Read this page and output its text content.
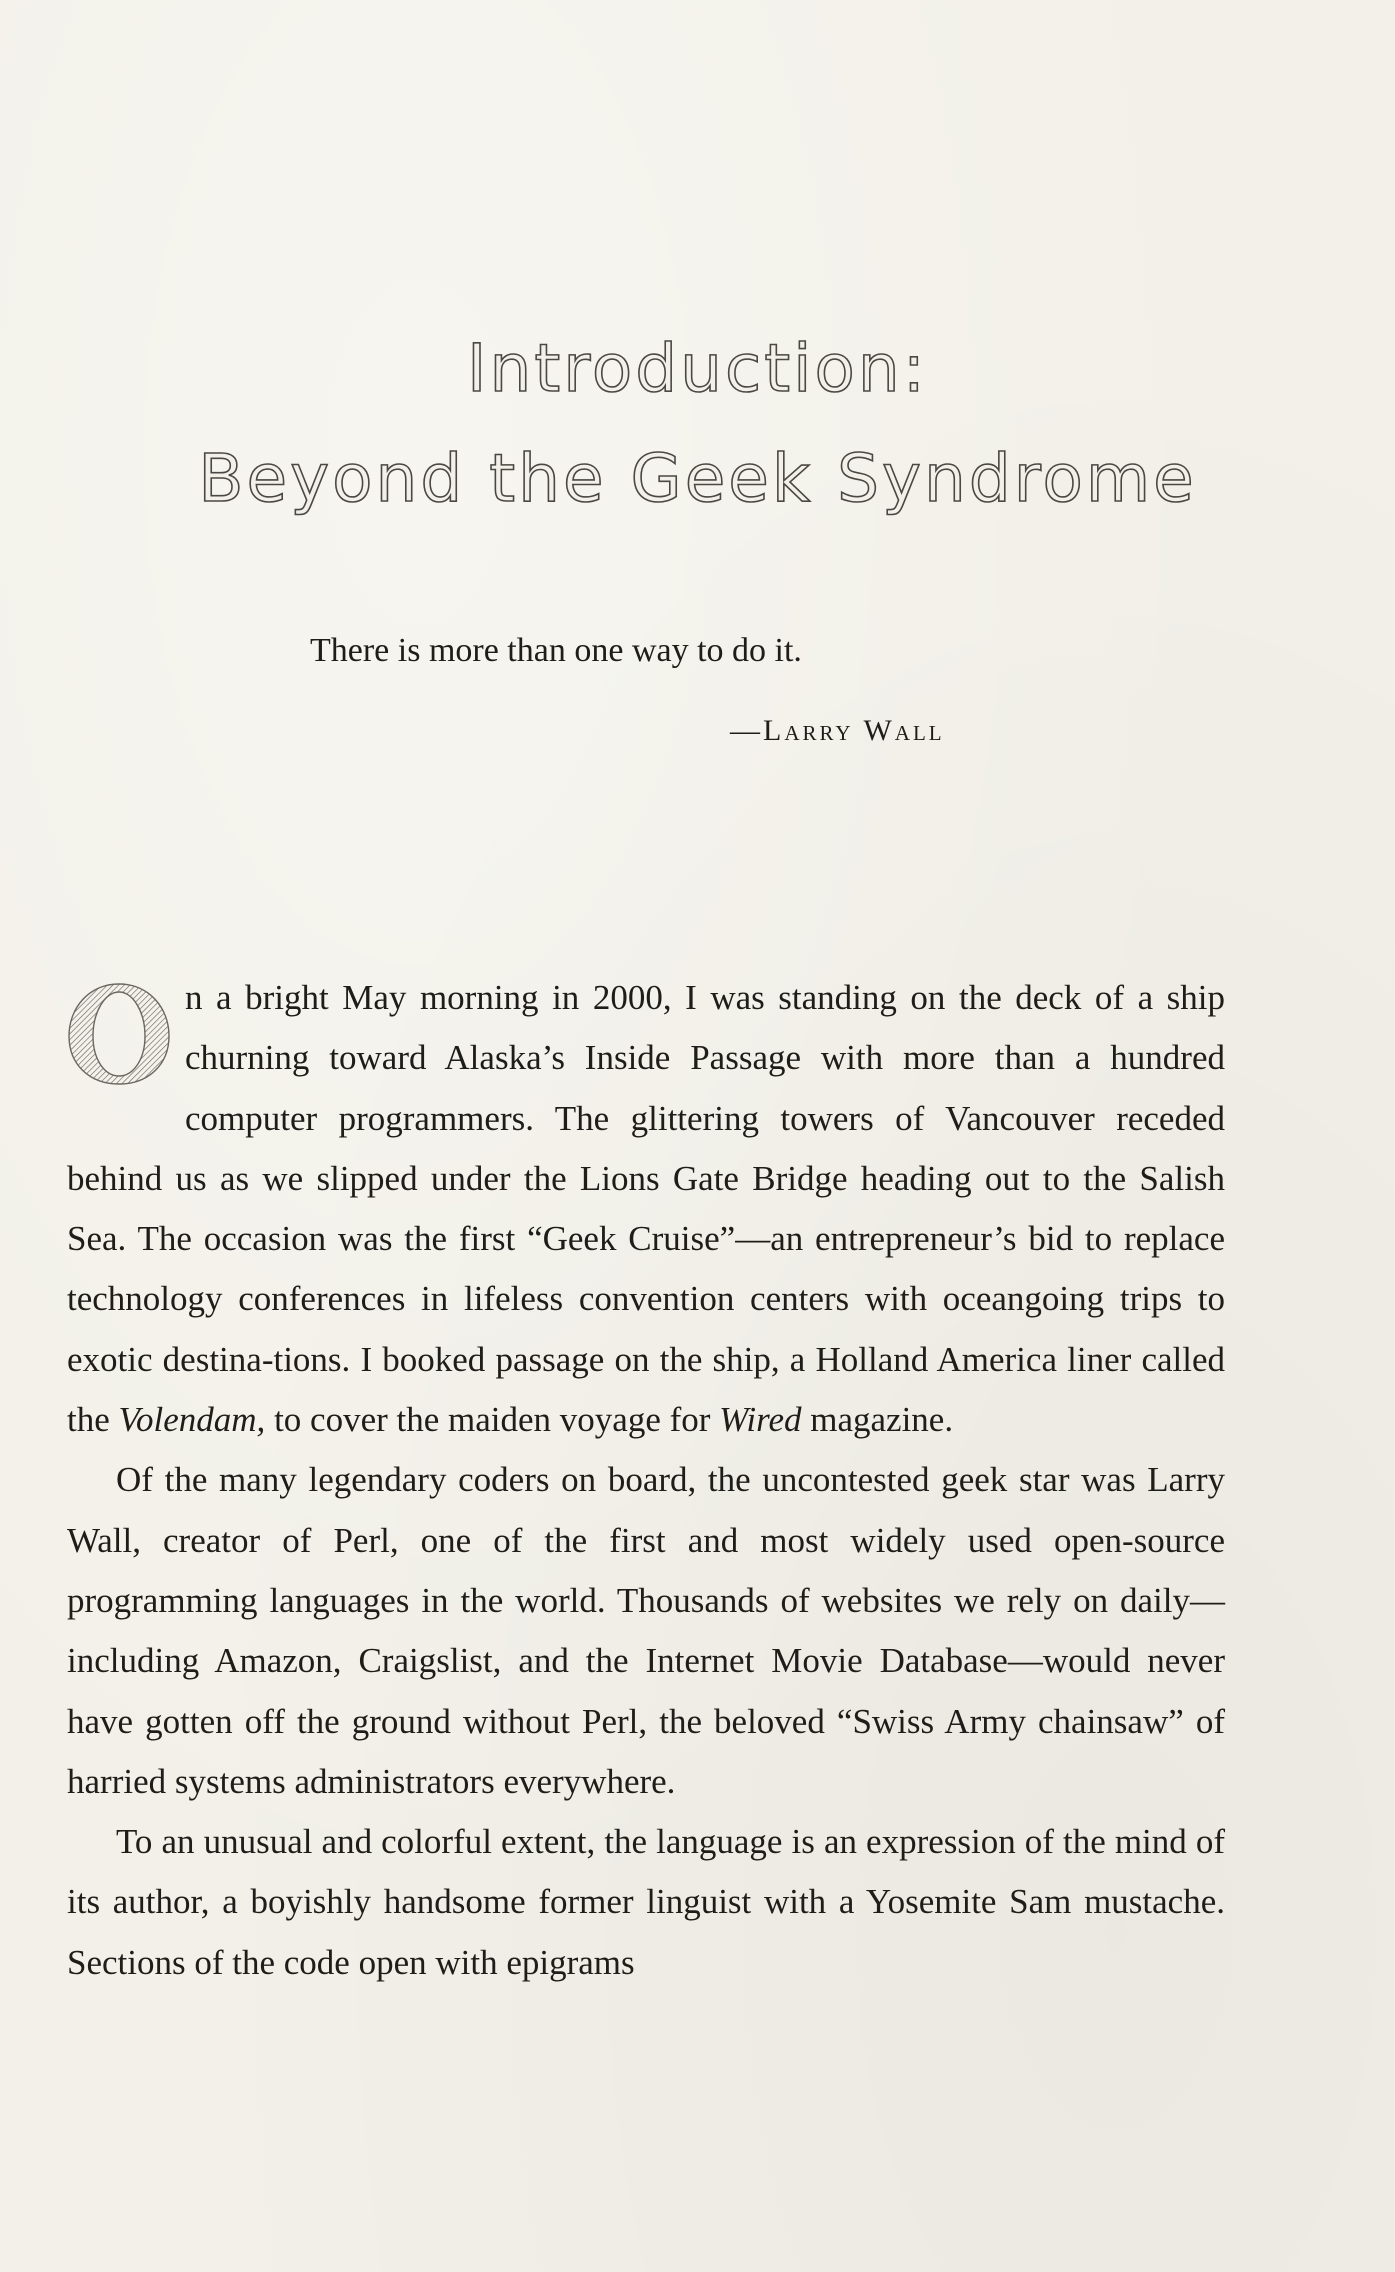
Introduction:
Beyond the Geek Syndrome
There is more than one way to do it.
—Larry Wall

n a bright May morning in 2000, I was standing on the deck of a ship churning toward Alaska’s Inside Passage with more than a hundred computer programmers. The glittering towers of Vancouver receded behind us as we slipped under the Lions Gate Bridge heading out to the Salish Sea. The occasion was the first “Geek Cruise”—an entrepreneur’s bid to replace technology conferences in lifeless convention centers with oceangoing trips to exotic destina-tions. I booked passage on the ship, a Holland America liner called the Volendam, to cover the maiden voyage for Wired magazine.

Of the many legendary coders on board, the uncontested geek star was Larry Wall, creator of Perl, one of the first and most widely used open-source programming languages in the world. Thousands of websites we rely on daily—including Amazon, Craigslist, and the Internet Movie Database—would never have gotten off the ground without Perl, the beloved “Swiss Army chainsaw” of harried systems administrators everywhere.

To an unusual and colorful extent, the language is an expression of the mind of its author, a boyishly handsome former linguist with a Yosemite Sam mustache. Sections of the code open with epigrams
